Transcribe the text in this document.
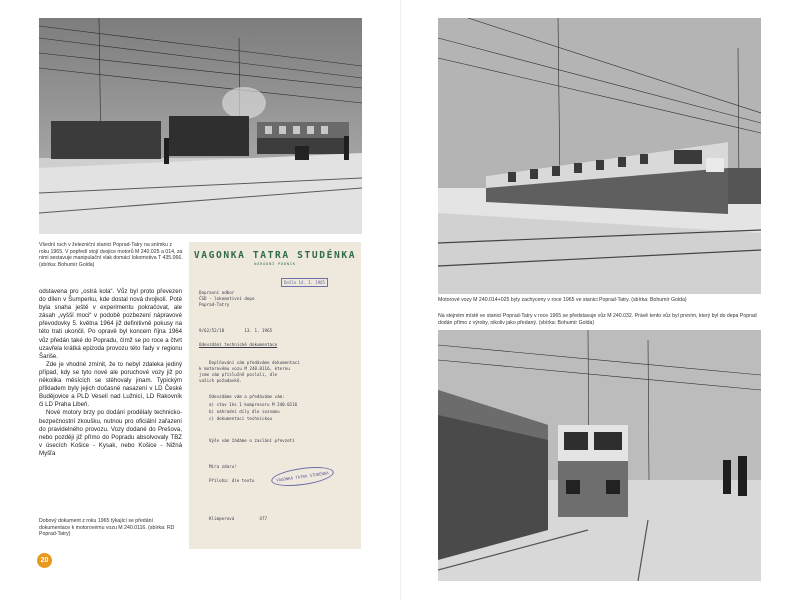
VAGONKA TATRA STUDÉNKA
NÁRODNÍ PODNIK
Došlo 14. I. 1965
Dopravní odbor
ČSD - lokomotivní depo
Poprad-Tatry
9/62/52/18        13. 1. 1965
Odevzdání technické dokumentace
Doplňování vám předáváme dokumentaci
k motorovému vozu M 240.0116, kterou
jsme vám příslušně poslali, dle
vašich požadavků.
Odevzdáme vám a předáváme vám:
a) stav 1ks 1 kompresoru M 240.0116
b) náhradní díly dle seznamu
c) dokumentaci technickou
Výše vám žádáme o zaslání převzetí
Míra zdaru!
Příloha: dle textu
Klimperová          477
VAGONKA TATRA STUDÉNKA
Všední ruch v železniční stanici Poprad-Tatry na snímku z roku 1965. V popředí stojí dvojice motorů M 240.025 a 014, za nimi sestavuje manipulační vlak domácí lokomotiva T 435.066. (sbírka: Bohumír Golda)
Motorové vozy M 240.014+025 byly zachyceny v roce 1965 ve stanici Poprad-Tatry. (sbírka: Bohumír Golda)
Na stejném místě ve stanici Poprad-Tatry v roce 1965 se představuje vůz M 240.032. Právě tento vůz byl prvním, který byl do depa Poprad dodán přímo z výroby, nikoliv jako předaný. (sbírka: Bohumír Golda)
Dobový dokument z roku 1965 týkající se předání dokumentace k motorovému vozu M 240.0116. (sbírka: RD Poprad-Tatry)

odstavena pro „ostrá kola“. Vůz byl proto převezen do dílen v Šumperku, kde dostal nová dvojkolí. Poté byla snaha ještě v experimentu pokračovat, ale zásah „vyšší moci“ v podobě pozbezení nápravové převodovky 5. května 1964 již definitivně pokusy na této trati ukončil. Po opravě byl koncem října 1964 vůz předán také do Popradu, čímž se po roce a čtvrt uzavřela krátká epizoda provozu této řady v regionu Šariše.

Zde je vhodné zmínit, že to nebyl zdaleka jediný případ, kdy se tyto nové ale poruchové vozy již po několika měsících se stěhovaly jinam. Typickým příkladem byly jejich dočasné nasazení v LD České Budějovice a PLD Veselí nad Lužnicí, LD Rakovník či LD Praha Libeň.

Nové motory brzy po dodání prodělaly technicko-bezpečnostní zkoušku, nutnou pro oficiální zařazení do pravidelného provozu. Vozy dodané do Prešova, nebo později již přímo do Popradu absolvovaly TBZ v úsecích Košice - Kysak, nebo Košice - Nižná Myšľa

20
